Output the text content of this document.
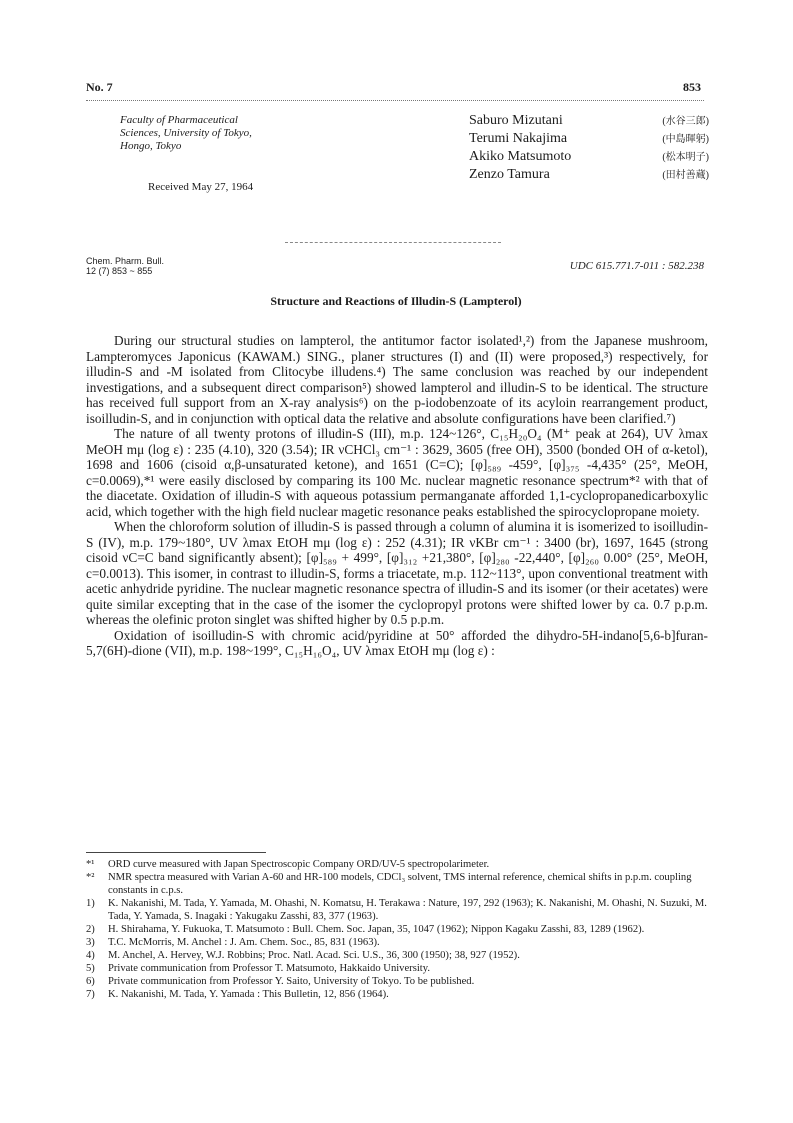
No. 7	853
Faculty of Pharmaceutical
Sciences, University of Tokyo,
Hongo, Tokyo
Received May 27, 1964
Saburo Mizutani	(水谷三郎)
Terumi Nakajima	(中島暉躬)
Akiko Matsumoto	(松本明子)
Zenzo Tamura	(田村善蔵)
Chem. Pharm. Bull.
12 (7) 853 ~ 855	UDC 615.771.7-011 : 582.238
Structure and Reactions of Illudin-S (Lampterol)

During our structural studies on lampterol, the antitumor factor isolated¹,²) from the Japanese mushroom, Lampteromyces Japonicus (KAWAM.) SING., planer structures (I) and (II) were proposed,³) respectively, for illudin-S and -M isolated from Clitocybe illudens.⁴) The same conclusion was reached by our independent investigations, and a subsequent direct comparison⁵) showed lampterol and illudin-S to be identical. The structure has received full support from an X-ray analysis⁶) on the p-iodobenzoate of its acyloin rearrangement product, isoilludin-S, and in conjunction with optical data the relative and absolute configurations have been clarified.⁷)

The nature of all twenty protons of illudin-S (III), m.p. 124~126°, C₁₅H₂₀O₄ (M⁺ peak at 264), UV λmax MeOH mμ (log ε) : 235 (4.10), 320 (3.54); IR νCHCl₃ cm⁻¹ : 3629, 3605 (free OH), 3500 (bonded OH of α-ketol), 1698 and 1606 (cisoid α,β-unsaturated ketone), and 1651 (C=C); [φ]₅₈₉ -459°, [φ]₃₇₅ -4,435° (25°, MeOH, c=0.0069),*¹ were easily disclosed by comparing its 100 Mc. nuclear magnetic resonance spectrum*² with that of the diacetate. Oxidation of illudin-S with aqueous potassium permanganate afforded 1,1-cyclopropanedicarboxylic acid, which together with the high field nuclear magetic resonance peaks established the spirocyclopropane moiety.

When the chloroform solution of illudin-S is passed through a column of alumina it is isomerized to isoilludin-S (IV), m.p. 179~180°, UV λmax EtOH mμ (log ε) : 252 (4.31); IR νKBr cm⁻¹ : 3400 (br), 1697, 1645 (strong cisoid νC=C band significantly absent); [φ]₅₈₉ + 499°, [φ]₃₁₂ +21,380°, [φ]₂₈₀ -22,440°, [φ]₂₆₀ 0.00° (25°, MeOH, c=0.0013). This isomer, in contrast to illudin-S, forms a triacetate, m.p. 112~113°, upon conventional treatment with acetic anhydride pyridine. The nuclear magnetic resonance spectra of illudin-S and its isomer (or their acetates) were quite similar excepting that in the case of the isomer the cyclopropyl protons were shifted lower by ca. 0.7 p.p.m. whereas the olefinic proton singlet was shifted higher by 0.5 p.p.m.

Oxidation of isoilludin-S with chromic acid/pyridine at 50° afforded the dihydro-5H-indano[5,6-b]furan-5,7(6H)-dione (VII), m.p. 198~199°, C₁₅H₁₆O₄, UV λmax EtOH mμ (log ε) :

*¹	ORD curve measured with Japan Spectroscopic Company ORD/UV-5 spectropolarimeter.
*²	NMR spectra measured with Varian A-60 and HR-100 models, CDCl₃ solvent, TMS internal reference, chemical shifts in p.p.m. coupling constants in c.p.s.
1)	K. Nakanishi, M. Tada, Y. Yamada, M. Ohashi, N. Komatsu, H. Terakawa : Nature, 197, 292 (1963); K. Nakanishi, M. Ohashi, N. Suzuki, M. Tada, Y. Yamada, S. Inagaki : Yakugaku Zasshi, 83, 377 (1963).
2)	H. Shirahama, Y. Fukuoka, T. Matsumoto : Bull. Chem. Soc. Japan, 35, 1047 (1962); Nippon Kagaku Zasshi, 83, 1289 (1962).
3)	T.C. McMorris, M. Anchel : J. Am. Chem. Soc., 85, 831 (1963).
4)	M. Anchel, A. Hervey, W.J. Robbins; Proc. Natl. Acad. Sci. U.S., 36, 300 (1950); 38, 927 (1952).
5)	Private communication from Professor T. Matsumoto, Hakkaido University.
6)	Private communication from Professor Y. Saito, University of Tokyo. To be published.
7)	K. Nakanishi, M. Tada, Y. Yamada : This Bulletin, 12, 856 (1964).
